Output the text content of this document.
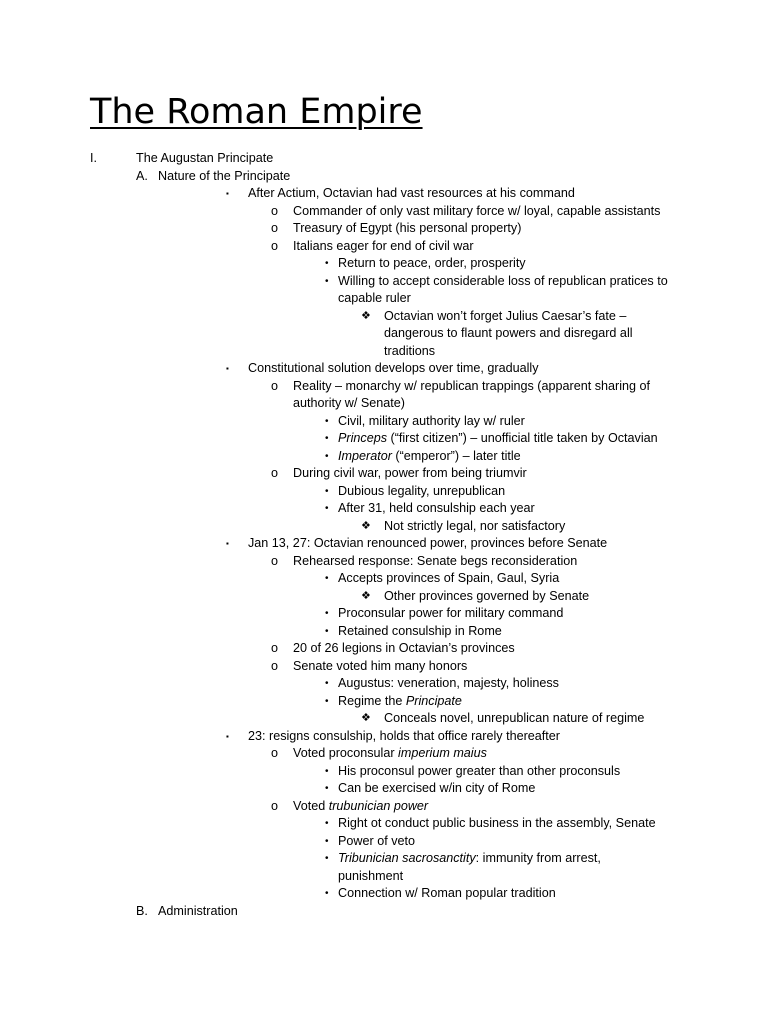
The Roman Empire
I.	The Augustan Principate
A. Nature of the Principate
▪ After Actium, Octavian had vast resources at his command
o Commander of only vast military force w/ loyal, capable assistants
o Treasury of Egypt (his personal property)
o Italians eager for end of civil war
• Return to peace, order, prosperity
• Willing to accept considerable loss of republican pratices to
capable ruler
❖ Octavian won’t forget Julius Caesar’s fate –
dangerous to flaunt powers and disregard all
traditions
▪ Constitutional solution develops over time, gradually
o Reality – monarchy w/ republican trappings (apparent sharing of
authority w/ Senate)
• Civil, military authority lay w/ ruler
• Princeps (“first citizen”) – unofficial title taken by Octavian
• Imperator (“emperor”) – later title
o During civil war, power from being triumvir
• Dubious legality, unrepublican
• After 31, held consulship each year
❖ Not strictly legal, nor satisfactory
▪ Jan 13, 27: Octavian renounced power, provinces before Senate
o Rehearsed response: Senate begs reconsideration
• Accepts provinces of Spain, Gaul, Syria
❖ Other provinces governed by Senate
• Proconsular power for military command
• Retained consulship in Rome
o 20 of 26 legions in Octavian’s provinces
o Senate voted him many honors
• Augustus: veneration, majesty, holiness
• Regime the Principate
❖ Conceals novel, unrepublican nature of regime
▪ 23: resigns consulship, holds that office rarely thereafter
o Voted proconsular imperium maius
• His proconsul power greater than other proconsuls
• Can be exercised w/in city of Rome
o Voted trubunician power
• Right ot conduct public business in the assembly, Senate
• Power of veto
• Tribunician sacrosanctity: immunity from arrest,
punishment
• Connection w/ Roman popular tradition
B. Administration
